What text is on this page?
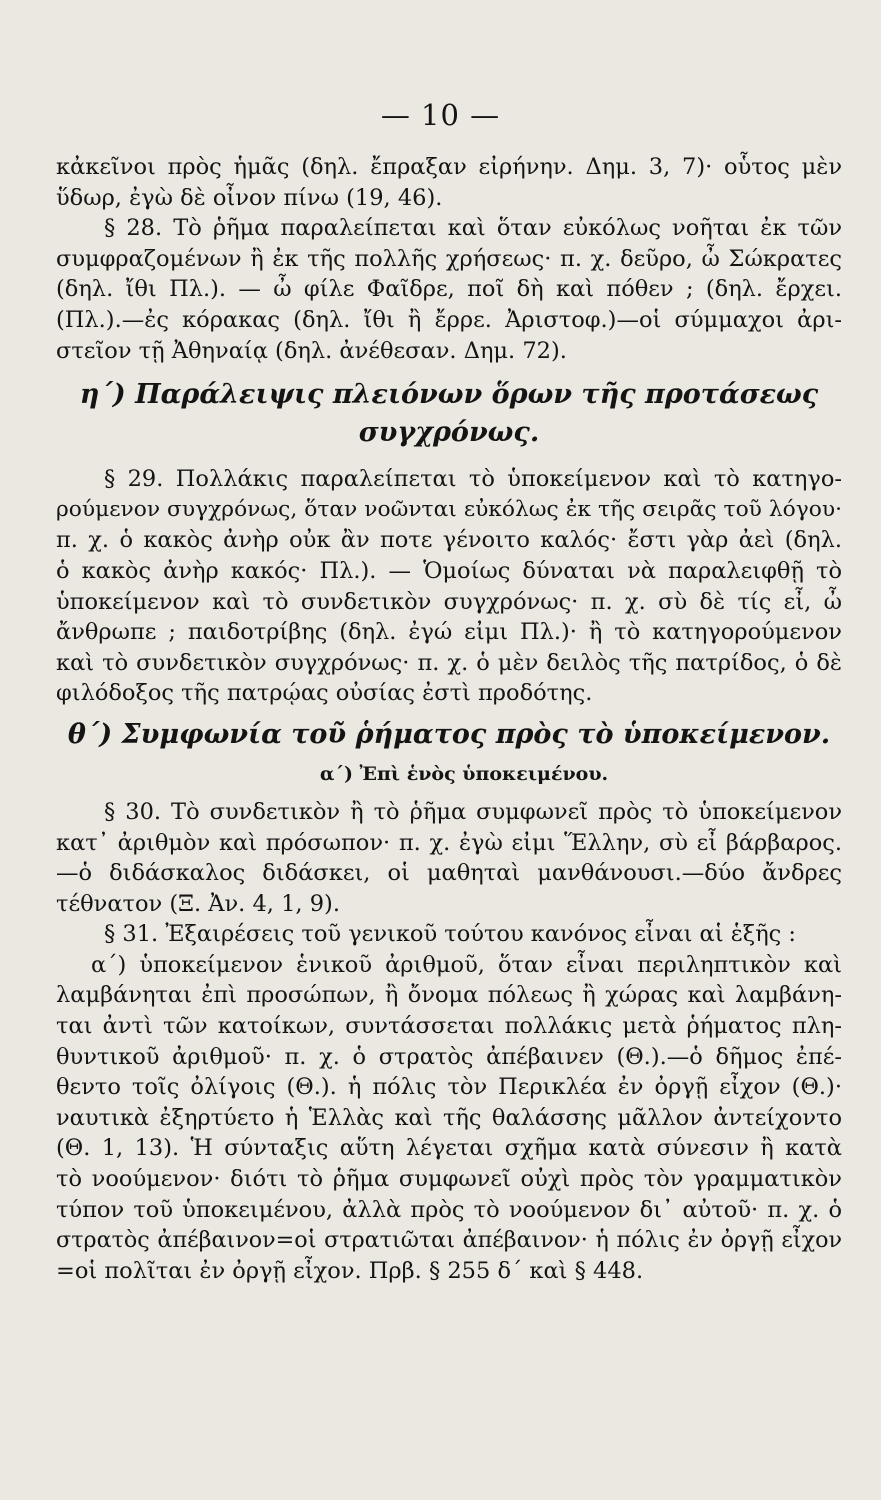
— 10 —
κἀκεῖνοι πρὸς ἡμᾶς (δηλ. ἔπραξαν εἰρήνην. Δημ. 3, 7)· οὗτος μὲν
ὕδωρ, ἐγὼ δὲ οἶνον πίνω (19, 46).
§ 28. Τὸ ῥῆμα παραλείπεται καὶ ὅταν εὐκόλως νοῆται ἐκ τῶν
συμφραζομένων ἢ ἐκ τῆς πολλῆς χρήσεως· π. χ. δεῦρο, ὦ Σώκρατες
(δηλ. ἴθι Πλ.). — ὦ φίλε Φαῖδρε, ποῖ δὴ καὶ πόθεν ; (δηλ. ἔρχει.
(Πλ.).—ἐς κόρακας (δηλ. ἴθι ἢ ἔρρε. Ἀριστοφ.)—οἱ σύμμαχοι ἀρι-
στεῖον τῇ Ἀθηναίᾳ (δηλ. ἀνέθεσαν. Δημ. 72).
η΄) Παράλειψις πλειόνων ὅρων τῆς προτάσεως
συγχρόνως.
§ 29. Πολλάκις παραλείπεται τὸ ὑποκείμενον καὶ τὸ κατηγο-
ρούμενον συγχρόνως, ὅταν νοῶνται εὐκόλως ἐκ τῆς σειρᾶς τοῦ λόγου·
π. χ. ὁ κακὸς ἀνὴρ οὐκ ἂν ποτε γένοιτο καλός· ἔστι γὰρ ἀεὶ (δηλ.
ὁ κακὸς ἀνὴρ κακός· Πλ.). — Ὁμοίως δύναται νὰ παραλειφθῇ τὸ
ὑποκείμενον καὶ τὸ συνδετικὸν συγχρόνως· π. χ. σὺ δὲ τίς εἶ, ὦ
ἄνθρωπε ; παιδοτρίβης (δηλ. ἐγώ εἰμι Πλ.)· ἢ τὸ κατηγορούμενον
καὶ τὸ συνδετικὸν συγχρόνως· π. χ. ὁ μὲν δειλὸς τῆς πατρίδος, ὁ δὲ
φιλόδοξος τῆς πατρῴας οὐσίας ἐστὶ προδότης.
θ΄) Συμφωνία τοῦ ῥήματος πρὸς τὸ ὑποκείμενον.
α΄) Ἐπὶ ἑνὸς ὑποκειμένου.
§ 30. Τὸ συνδετικὸν ἢ τὸ ῥῆμα συμφωνεῖ πρὸς τὸ ὑποκείμενον
κατ᾽ ἀριθμὸν καὶ πρόσωπον· π. χ. ἐγὼ εἰμι Ἕλλην, σὺ εἶ βάρβαρος.
—ὁ διδάσκαλος διδάσκει, οἱ μαθηταὶ μανθάνουσι.—δύο ἄνδρες
τέθνατον (Ξ. Ἀν. 4, 1, 9).
§ 31. Ἐξαιρέσεις τοῦ γενικοῦ τούτου κανόνος εἶναι αἱ ἑξῆς :
α΄) ὑποκείμενον ἑνικοῦ ἀριθμοῦ, ὅταν εἶναι περιληπτικὸν καὶ
λαμβάνηται ἐπὶ προσώπων, ἢ ὄνομα πόλεως ἢ χώρας καὶ λαμβάνη-
ται ἀντὶ τῶν κατοίκων, συντάσσεται πολλάκις μετὰ ῥήματος πλη-
θυντικοῦ ἀριθμοῦ· π. χ. ὁ στρατὸς ἀπέβαινεν (Θ.).—ὁ δῆμος ἐπέ-
θεντο τοῖς ὀλίγοις (Θ.). ἡ πόλις τὸν Περικλέα ἐν ὀργῇ εἶχον (Θ.)·
ναυτικὰ ἐξηρτύετο ἡ Ἑλλὰς καὶ τῆς θαλάσσης μᾶλλον ἀντείχοντο
(Θ. 1, 13). Ἡ σύνταξις αὕτη λέγεται σχῆμα κατὰ σύνεσιν ἢ κατὰ
τὸ νοούμενον· διότι τὸ ῥῆμα συμφωνεῖ οὐχὶ πρὸς τὸν γραμματικὸν
τύπον τοῦ ὑποκειμένου, ἀλλὰ πρὸς τὸ νοούμενον δι᾽ αὐτοῦ· π. χ. ὁ
στρατὸς ἀπέβαινον=οἱ στρατιῶται ἀπέβαινον· ἡ πόλις ἐν ὀργῇ εἶχον
=οἱ πολῖται ἐν ὀργῇ εἶχον. Πρβ. § 255 δ΄ καὶ § 448.
